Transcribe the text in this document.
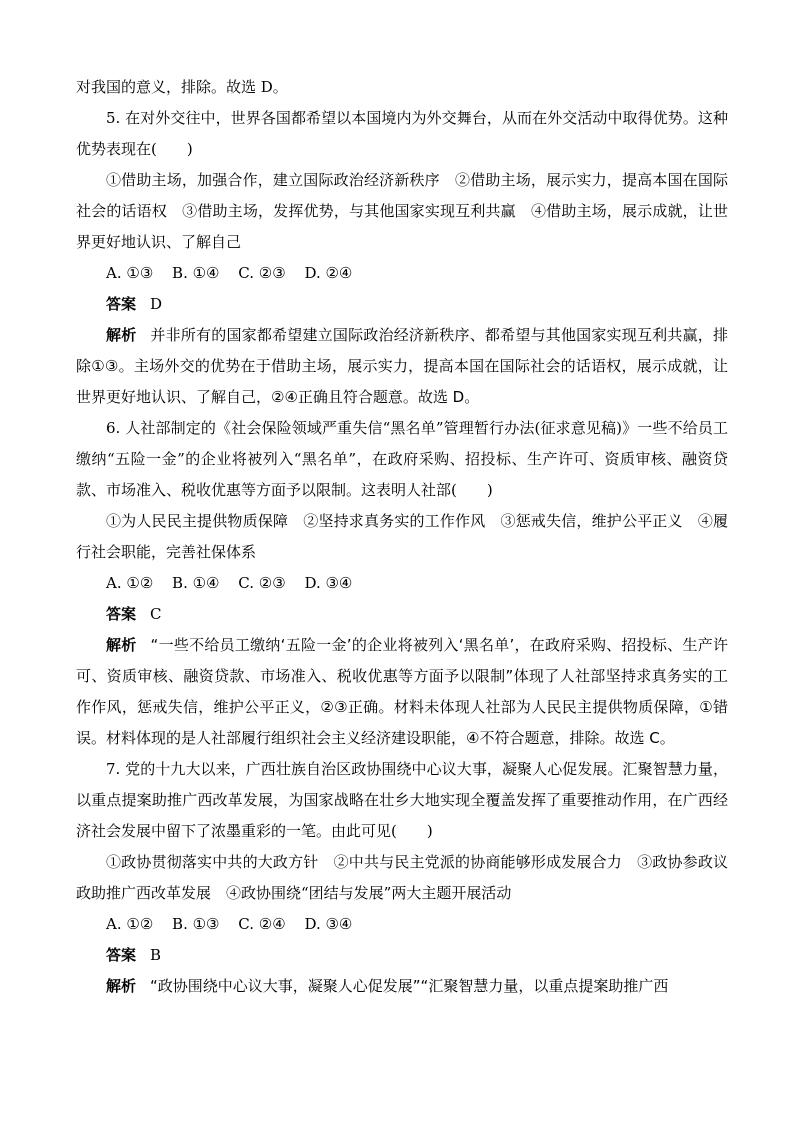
对我国的意义，排除。故选 D。

5. 在对外交往中，世界各国都希望以本国境内为外交舞台，从而在外交活动中取得优势。这种优势表现在(　　)

①借助主场，加强合作，建立国际政治经济新秩序　②借助主场，展示实力，提高本国在国际社会的话语权　③借助主场，发挥优势，与其他国家实现互利共赢　④借助主场，展示成就，让世界更好地认识、了解自己

A. ①③ B. ①④ C. ②③ D. ②④

答案 D

解析 并非所有的国家都希望建立国际政治经济新秩序、都希望与其他国家实现互利共赢，排除①③。主场外交的优势在于借助主场，展示实力，提高本国在国际社会的话语权，展示成就，让世界更好地认识、了解自己，②④正确且符合题意。故选 D。

6. 人社部制定的《社会保险领域严重失信“黑名单”管理暂行办法(征求意见稿)》一些不给员工缴纳“五险一金”的企业将被列入“黑名单”，在政府采购、招投标、生产许可、资质审核、融资贷款、市场准入、税收优惠等方面予以限制。这表明人社部(　　)

①为人民民主提供物质保障　②坚持求真务实的工作作风　③惩戒失信，维护公平正义　④履行社会职能，完善社保体系

A. ①② B. ①④ C. ②③ D. ③④

答案 C

解析 “一些不给员工缴纳‘五险一金’的企业将被列入‘黑名单’，在政府采购、招投标、生产许可、资质审核、融资贷款、市场准入、税收优惠等方面予以限制”体现了人社部坚持求真务实的工作作风，惩戒失信，维护公平正义，②③正确。材料未体现人社部为人民民主提供物质保障，①错误。材料体现的是人社部履行组织社会主义经济建设职能，④不符合题意，排除。故选 C。

7. 党的十九大以来，广西壮族自治区政协围绕中心议大事，凝聚人心促发展。汇聚智慧力量，以重点提案助推广西改革发展，为国家战略在壮乡大地实现全覆盖发挥了重要推动作用，在广西经济社会发展中留下了浓墨重彩的一笔。由此可见(　　)

①政协贯彻落实中共的大政方针　②中共与民主党派的协商能够形成发展合力　③政协参政议政助推广西改革发展　④政协围绕“团结与发展”两大主题开展活动

A. ①② B. ①③ C. ②④ D. ③④

答案 B

解析 “政协围绕中心议大事，凝聚人心促发展”“汇聚智慧力量，以重点提案助推广西
